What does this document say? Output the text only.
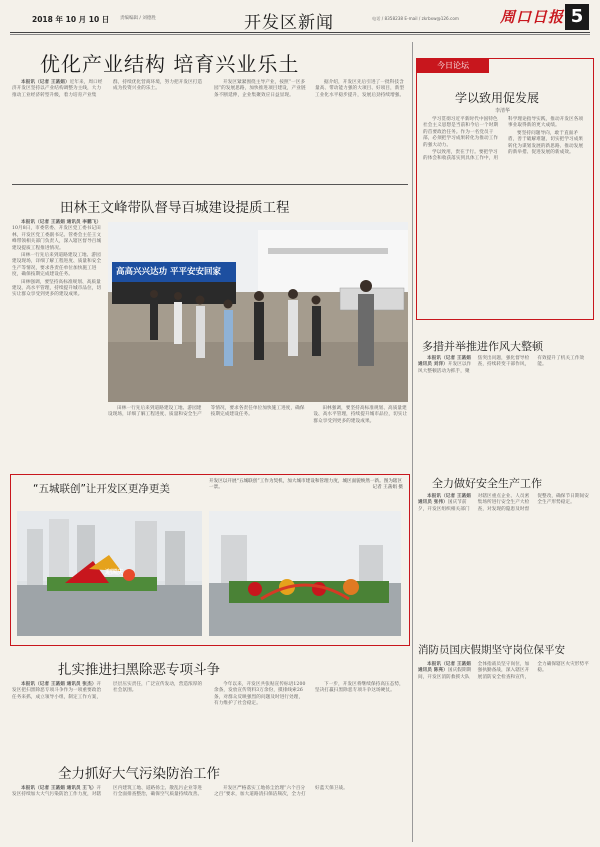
2018 年 10 月 10 日 责编编辑 / 刘德胜	开发区新闻	电话 / 8358238 E-mail / zkrbxw@126.com	周口日报 5
优化产业结构 培育兴业乐土

本报讯（记者 王菡娟）近年来，周口经济开发区坚持以产业结构调整为主线，大力推动工业经济转型升级，着力培育产业集群，持续优化营商环境，努力把开发区打造成为投资兴业的乐土。

开发区紧紧围绕主导产业，按照“一区多园”的发展思路，加快推进项目建设，产业链条不断延伸，企业集聚效应日益显现。

据介绍，开发区先后引进了一批科技含量高、带动能力强的大项目、好项目，新型工业化水平稳步提升，发展后劲持续增强。

田林王文峰带队督导百城建设提质工程

本报讯（记者 王菡娟 通讯员 李鹏飞）10月8日，市委常委、开发区党工委书记田林，开发区党工委副书记、管委会主任王文峰带领相关部门负责人，深入辖区督导百城建设提质工程推进情况。

田林一行先后来到道路建设工地、游园建设现场，详细了解工程进度、质量和安全生产等情况，要求各责任单位加快施工进度，确保按期完成建设任务。

田林强调，要坚持高标准规划、高质量建设、高水平管理，持续提升城市品位，切实让群众享受到更多的建设成果。

高高兴兴达功 平平安安回家

田林一行先后来到道路建设工地、游园建设现场，详细了解工程进度、质量和安全生产等情况，要求各责任单位加快施工进度，确保按期完成建设任务。

田林强调，要坚持高标准规划、高质量建设、高水平管理，持续提升城市品位，切实让群众享受到更多的建设成果。

“五城联创”让开发区更净更美
开发区以开展“五城联创”工作为契机，加大城市建设和管理力度，城区面貌焕然一新。图为辖区一景。	记者 王菡娟 摄
迎国庆
扎实推进扫黑除恶专项斗争

本报讯（记者 王菡娟 通讯员 张杰）开发区把扫黑除恶专项斗争作为一项重要政治任务来抓，成立领导小组，制定工作方案，层层压实责任，广泛宣传发动，营造浓厚的社会氛围。

今年以来，开发区共张贴宣传标语1200余条，发放宣传资料3万余份，摸排线索26条，对群众反映强烈的问题及时进行处理，有力维护了社会稳定。

下一步，开发区将继续保持高压态势，坚决打赢扫黑除恶专项斗争这场硬仗。

全力抓好大气污染防治工作

本报讯（记者 王菡娟 通讯员 王飞）开发区持续加大大气污染防治工作力度，对辖区内建筑工地、道路扬尘、散乱污企业等进行全面排查整治，确保空气质量持续改善。

开发区严格落实工地扬尘治理“六个百分之百”要求，加大道路清扫保洁频次，全力打好蓝天保卫战。

今日论坛
学以致用促发展
李清华

学习贯彻习近平新时代中国特色社会主义思想是当前和今后一个时期的首要政治任务。作为一名党员干部，必须把学习成果转化为推动工作的强大动力。

学以致用，贵在于行。要把学习的体会和收获落实到具体工作中，用科学理论指导实践，推动开发区各项事业取得新的更大成绩。

要坚持问题导向，敢于直面矛盾，善于破解难题，切实把学习成果转化为谋划发展的新思路、推动发展的新举措、促进发展的新成效。

多措并举推进作风大整顿

本报讯（记者 王菡娟 通讯员 刘洋）开发区以作风大整顿活动为抓手，聚焦突出问题，强化督导检查，持续转变干部作风，有效提升了机关工作效能。

全力做好安全生产工作

本报讯（记者 王菡娟 通讯员 张伟）国庆节前夕，开发区组织相关部门对辖区重点企业、人员密集场所进行安全生产大检查，对发现的隐患及时督促整改，确保节日期间安全生产形势稳定。

消防员国庆假期坚守岗位保平安

本报讯（记者 王菡娟 通讯员 陈亮）国庆假期期间，开发区消防救援大队全体指战员坚守岗位，加强执勤备战，深入辖区开展消防安全检查和宣传，全力确保辖区火灾形势平稳。
